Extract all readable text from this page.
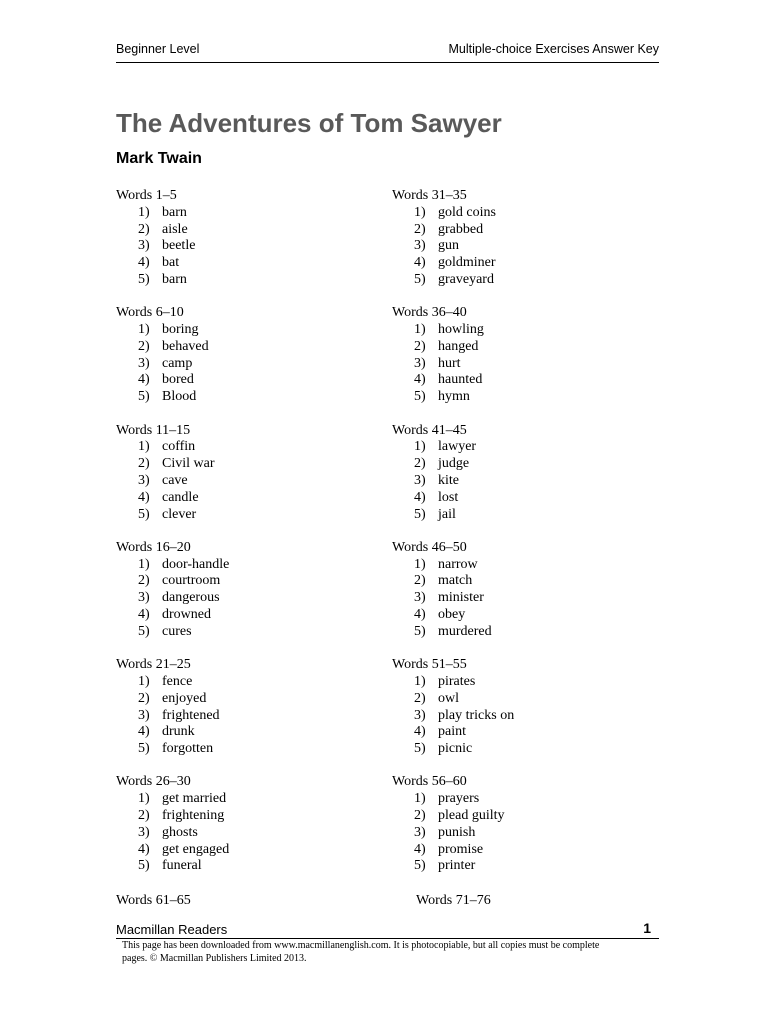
Beginner Level	Multiple-choice Exercises Answer Key
The Adventures of Tom Sawyer
Mark Twain
Words 1–5
1) barn
2) aisle
3) beetle
4) bat
5) barn
Words 6–10
1) boring
2) behaved
3) camp
4) bored
5) Blood
Words 11–15
1) coffin
2) Civil war
3) cave
4) candle
5) clever
Words 16–20
1) door-handle
2) courtroom
3) dangerous
4) drowned
5) cures
Words 21–25
1) fence
2) enjoyed
3) frightened
4) drunk
5) forgotten
Words 26–30
1) get married
2) frightening
3) ghosts
4) get engaged
5) funeral
Words 31–35
1) gold coins
2) grabbed
3) gun
4) goldminer
5) graveyard
Words 36–40
1) howling
2) hanged
3) hurt
4) haunted
5) hymn
Words 41–45
1) lawyer
2) judge
3) kite
4) lost
5) jail
Words 46–50
1) narrow
2) match
3) minister
4) obey
5) murdered
Words 51–55
1) pirates
2) owl
3) play tricks on
4) paint
5) picnic
Words 56–60
1) prayers
2) plead guilty
3) punish
4) promise
5) printer
Words 61–65	Words 71–76
Macmillan Readers	1
This page has been downloaded from www.macmillanenglish.com. It is photocopiable, but all copies must be complete pages. © Macmillan Publishers Limited 2013.
